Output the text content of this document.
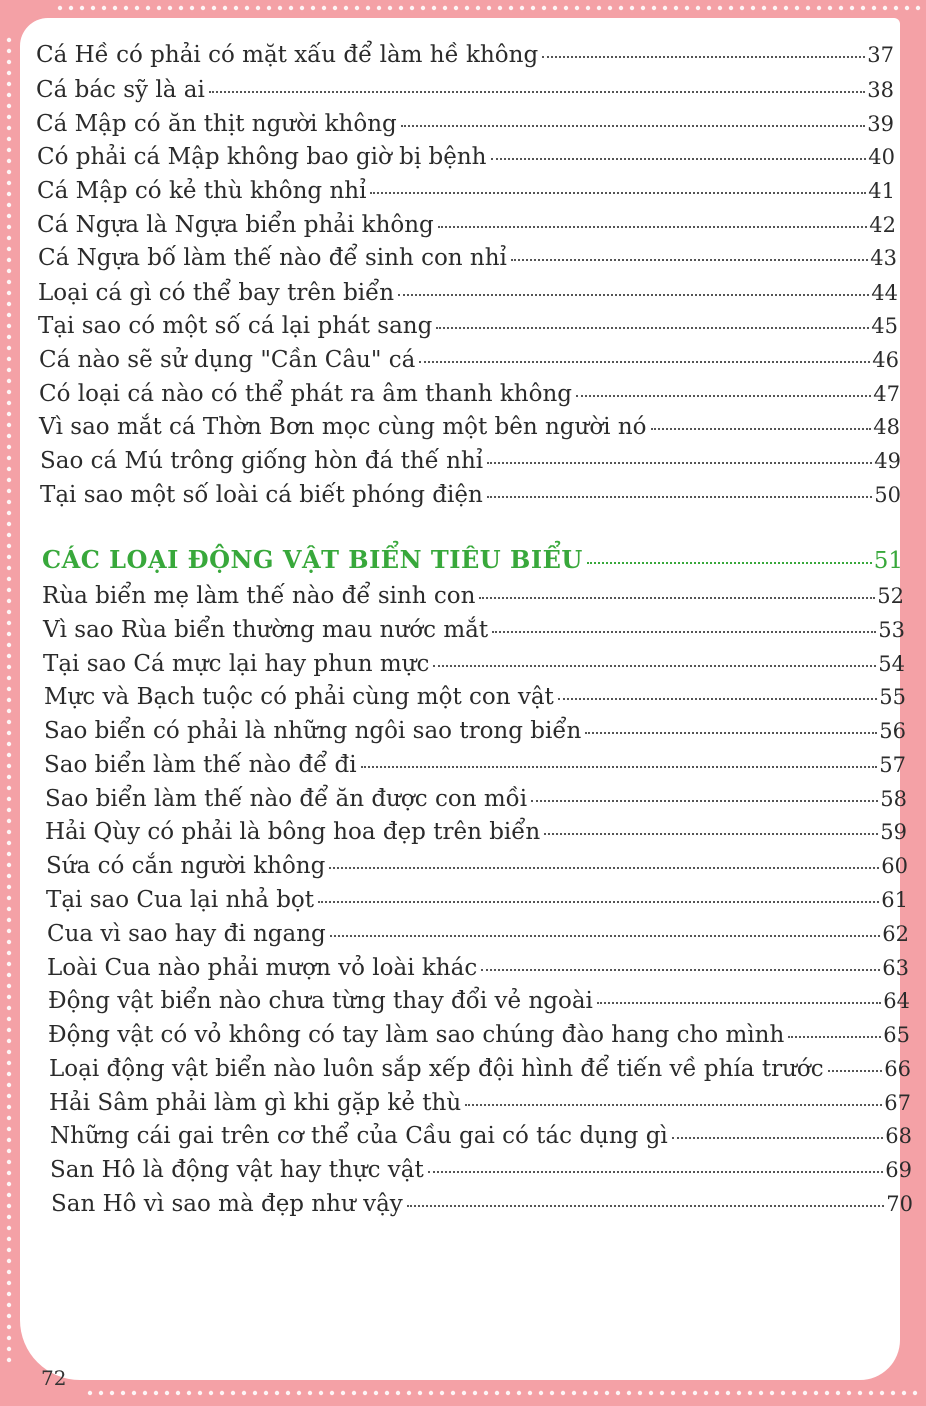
Cá Hề có phải có mặt xấu để làm hề không	37
Cá bác sỹ là ai	38
Cá Mập có ăn thịt người không	39
Có phải cá Mập không bao giờ bị bệnh	40
Cá Mập có kẻ thù không nhỉ	41
Cá Ngựa là Ngựa biển phải không	42
Cá Ngựa bố làm thế nào để sinh con nhỉ	43
Loại cá gì có thể bay trên biển	44
Tại sao có một số cá lại phát sang	45
Cá nào sẽ sử dụng "Cần Câu" cá	46
Có loại cá nào có thể phát ra âm thanh không	47
Vì sao mắt cá Thờn Bơn mọc cùng một bên người nó	48
Sao cá Mú trông giống hòn đá thế nhỉ	49
Tại sao một số loài cá biết phóng điện	50
CÁC LOẠI ĐỘNG VẬT BIỂN TIÊU BIỂU	51
Rùa biển mẹ làm thế nào để sinh con	52
Vì sao Rùa biển thường mau nước mắt	53
Tại sao Cá mực lại hay phun mực	54
Mực và Bạch tuộc có phải cùng một con vật	55
Sao biển có phải là những ngôi sao trong biển	56
Sao biển làm thế nào để đi	57
Sao biển làm thế nào để ăn được con mồi	58
Hải Qùy có phải là bông hoa đẹp trên biển	59
Sứa có cắn người không	60
Tại sao Cua lại nhả bọt	61
Cua vì sao hay đi ngang	62
Loài Cua nào phải mượn vỏ loài khác	63
Động vật biển nào chưa từng thay đổi vẻ ngoài	64
Động vật có vỏ không có tay làm sao chúng đào hang cho mình	65
Loại động vật biển nào luôn sắp xếp đội hình để tiến về phía trước	66
Hải Sâm phải làm gì khi gặp kẻ thù	67
Những cái gai trên cơ thể của Cầu gai có tác dụng gì	68
San Hô là động vật hay thực vật	69
San Hô vì sao mà đẹp như vậy	70
72
